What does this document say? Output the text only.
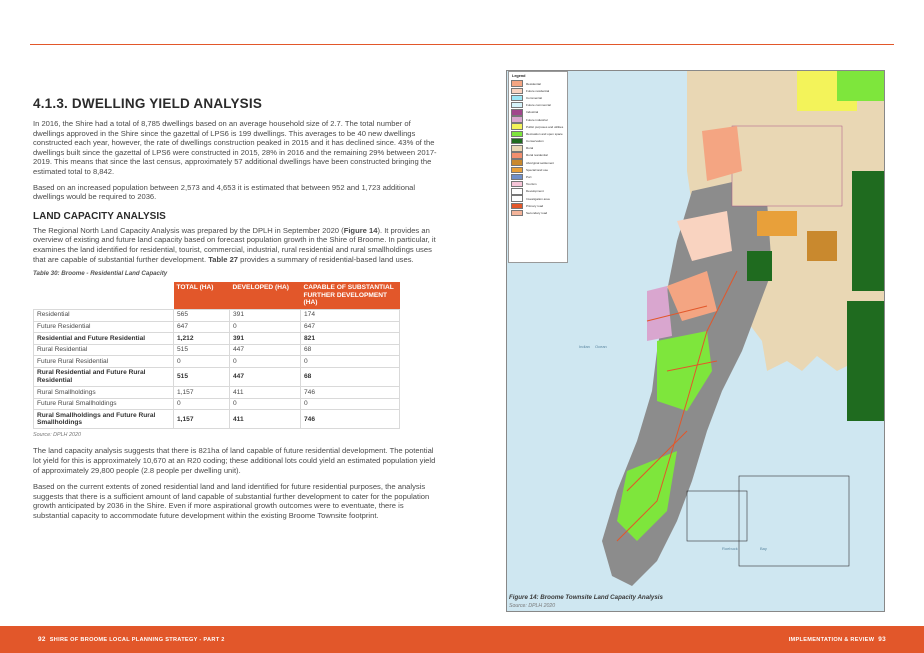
4.1.3. DWELLING YIELD ANALYSIS

In 2016, the Shire had a total of 8,785 dwellings based on an average household size of 2.7. The total number of dwellings approved in the Shire since the gazettal of LPS6 is 199 dwellings. This averages to be 40 new dwellings constructed each year, however, the rate of dwellings construction peaked in 2015 and it has declined since. 43% of the dwellings built since the gazettal of LPS6 were constructed in 2015, 28% in 2016 and the remaining 29% between 2017-2019. This means that since the last census, approximately 57 additional dwellings have been constructed bringing the estimated total to 8,842.

Based on an increased population between 2,573 and 4,653 it is estimated that between 952 and 1,723 additional dwellings would be required to 2036.

LAND CAPACITY ANALYSIS

The Regional North Land Capacity Analysis was prepared by the DPLH in September 2020 (Figure 14). It provides an overview of existing and future land capacity based on forecast population growth in the Shire of Broome. In particular, it examines the land identified for residential, tourist, commercial, industrial, rural residential and rural smallholdings uses that are capable of substantial further development. Table 27 provides a summary of residential-based land uses.

Table 30: Broome - Residential Land Capacity
	TOTAL (HA)	DEVELOPED (HA)	CAPABLE OF SUBSTANTIAL FURTHER DEVELOPMENT (HA)
Residential	565	391	174
Future Residential	647	0	647
Residential and Future Residential	1,212	391	821
Rural Residential	515	447	68
Future Rural Residential	0	0	0
Rural Residential and Future Rural Residential	515	447	68
Rural Smallholdings	1,157	411	746
Future Rural Smallholdings	0	0	0
Rural Smallholdings and Future Rural Smallholdings	1,157	411	746
Source: DPLH 2020

The land capacity analysis suggests that there is 821ha of land capable of future residential development. The potential lot yield for this is approximately 10,670 at an R20 coding; these additional lots could yield an estimated population yield of approximately 29,800 people (2.8 people per dwelling unit).

Based on the current extents of zoned residential land and land identified for future residential purposes, the analysis suggests that there is a sufficient amount of land capable of substantial further development to cater for the population growth anticipated by 2036 in the Shire. Even if more aspirational growth outcomes were to eventuate, there is substantial capacity to accommodate future development within the existing Broome Townsite footprint.

Indian Ocean
Roebuck	Bay
Legend
Residential
Future residential
Commercial
Future commercial
Industrial
Future industrial
Public purposes and utilities
Recreation and open space
Conservation
Rural
Rural residential
Aboriginal settlement
Special land use
Port
Tourism
Development
Investigation area
Primary road
Secondary road
Figure 14: Broome Townsite Land Capacity Analysis
Source: DPLH 2020
92 SHIRE OF BROOME LOCAL PLANNING STRATEGY - PART 2	IMPLEMENTATION & REVIEW 93
